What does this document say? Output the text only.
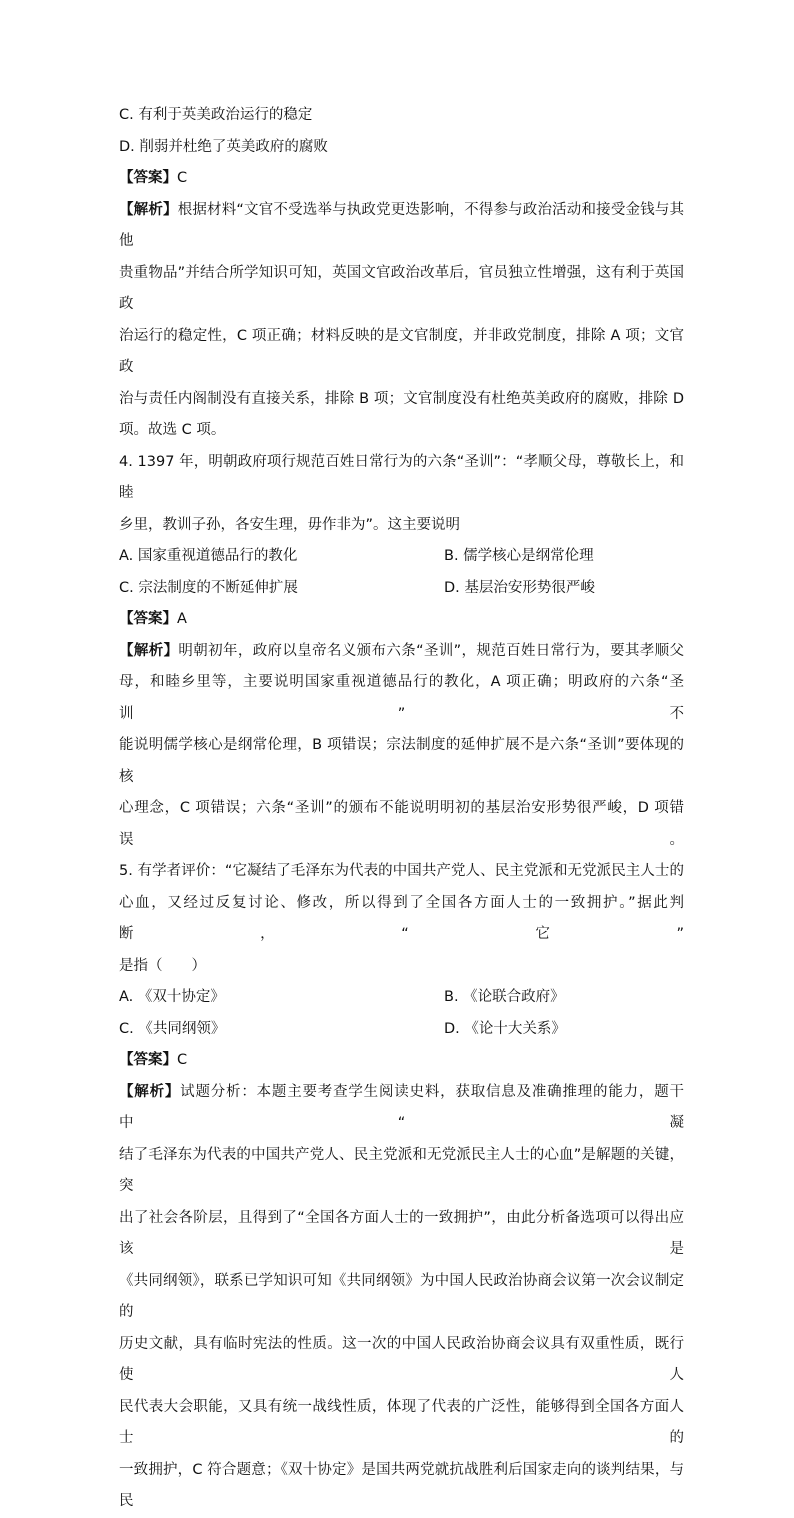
C. 有利于英美政治运行的稳定
D. 削弱并杜绝了英美政府的腐败
【答案】C
【解析】根据材料“文官不受选举与执政党更迭影响，不得参与政治活动和接受金钱与其他
贵重物品”并结合所学知识可知，英国文官政治改革后，官员独立性增强，这有利于英国政
治运行的稳定性，C 项正确；材料反映的是文官制度，并非政党制度，排除 A 项；文官政
治与责任内阁制没有直接关系，排除 B 项；文官制度没有杜绝英美政府的腐败，排除 D
项。故选 C 项。
4. 1397 年，明朝政府项行规范百姓日常行为的六条“圣训”：“孝顺父母，尊敬长上，和睦
乡里，教训子孙，各安生理，毋作非为”。这主要说明
A. 国家重视道德品行的教化	B. 儒学核心是纲常伦理
C. 宗法制度的不断延伸扩展	D. 基层治安形势很严峻
【答案】A
【解析】明朝初年，政府以皇帝名义颁布六条“圣训”，规范百姓日常行为，要其孝顺父
母，和睦乡里等，主要说明国家重视道德品行的教化，A 项正确；明政府的六条“圣训”不
能说明儒学核心是纲常伦理，B 项错误；宗法制度的延伸扩展不是六条“圣训”要体现的核
心理念，C 项错误；六条“圣训”的颁布不能说明明初的基层治安形势很严峻，D 项错误。
5. 有学者评价：“它凝结了毛泽东为代表的中国共产党人、民主党派和无党派民主人士的
心血，又经过反复讨论、修改，所以得到了全国各方面人士的一致拥护。”据此判断，“它”
是指（　　）
A. 《双十协定》	B. 《论联合政府》
C. 《共同纲领》	D. 《论十大关系》
【答案】C
【解析】试题分析：本题主要考查学生阅读史料，获取信息及准确推理的能力，题干中“凝
结了毛泽东为代表的中国共产党人、民主党派和无党派民主人士的心血”是解题的关键，突
出了社会各阶层，且得到了“全国各方面人士的一致拥护”，由此分析备选项可以得出应该是
《共同纲领》，联系已学知识可知《共同纲领》为中国人民政治协商会议第一次会议制定的
历史文献，具有临时宪法的性质。这一次的中国人民政治协商会议具有双重性质，既行使人
民代表大会职能，又具有统一战线性质，体现了代表的广泛性，能够得到全国各方面人士的
一致拥护，C 符合题意；《双十协定》是国共两党就抗战胜利后国家走向的谈判结果，与民
